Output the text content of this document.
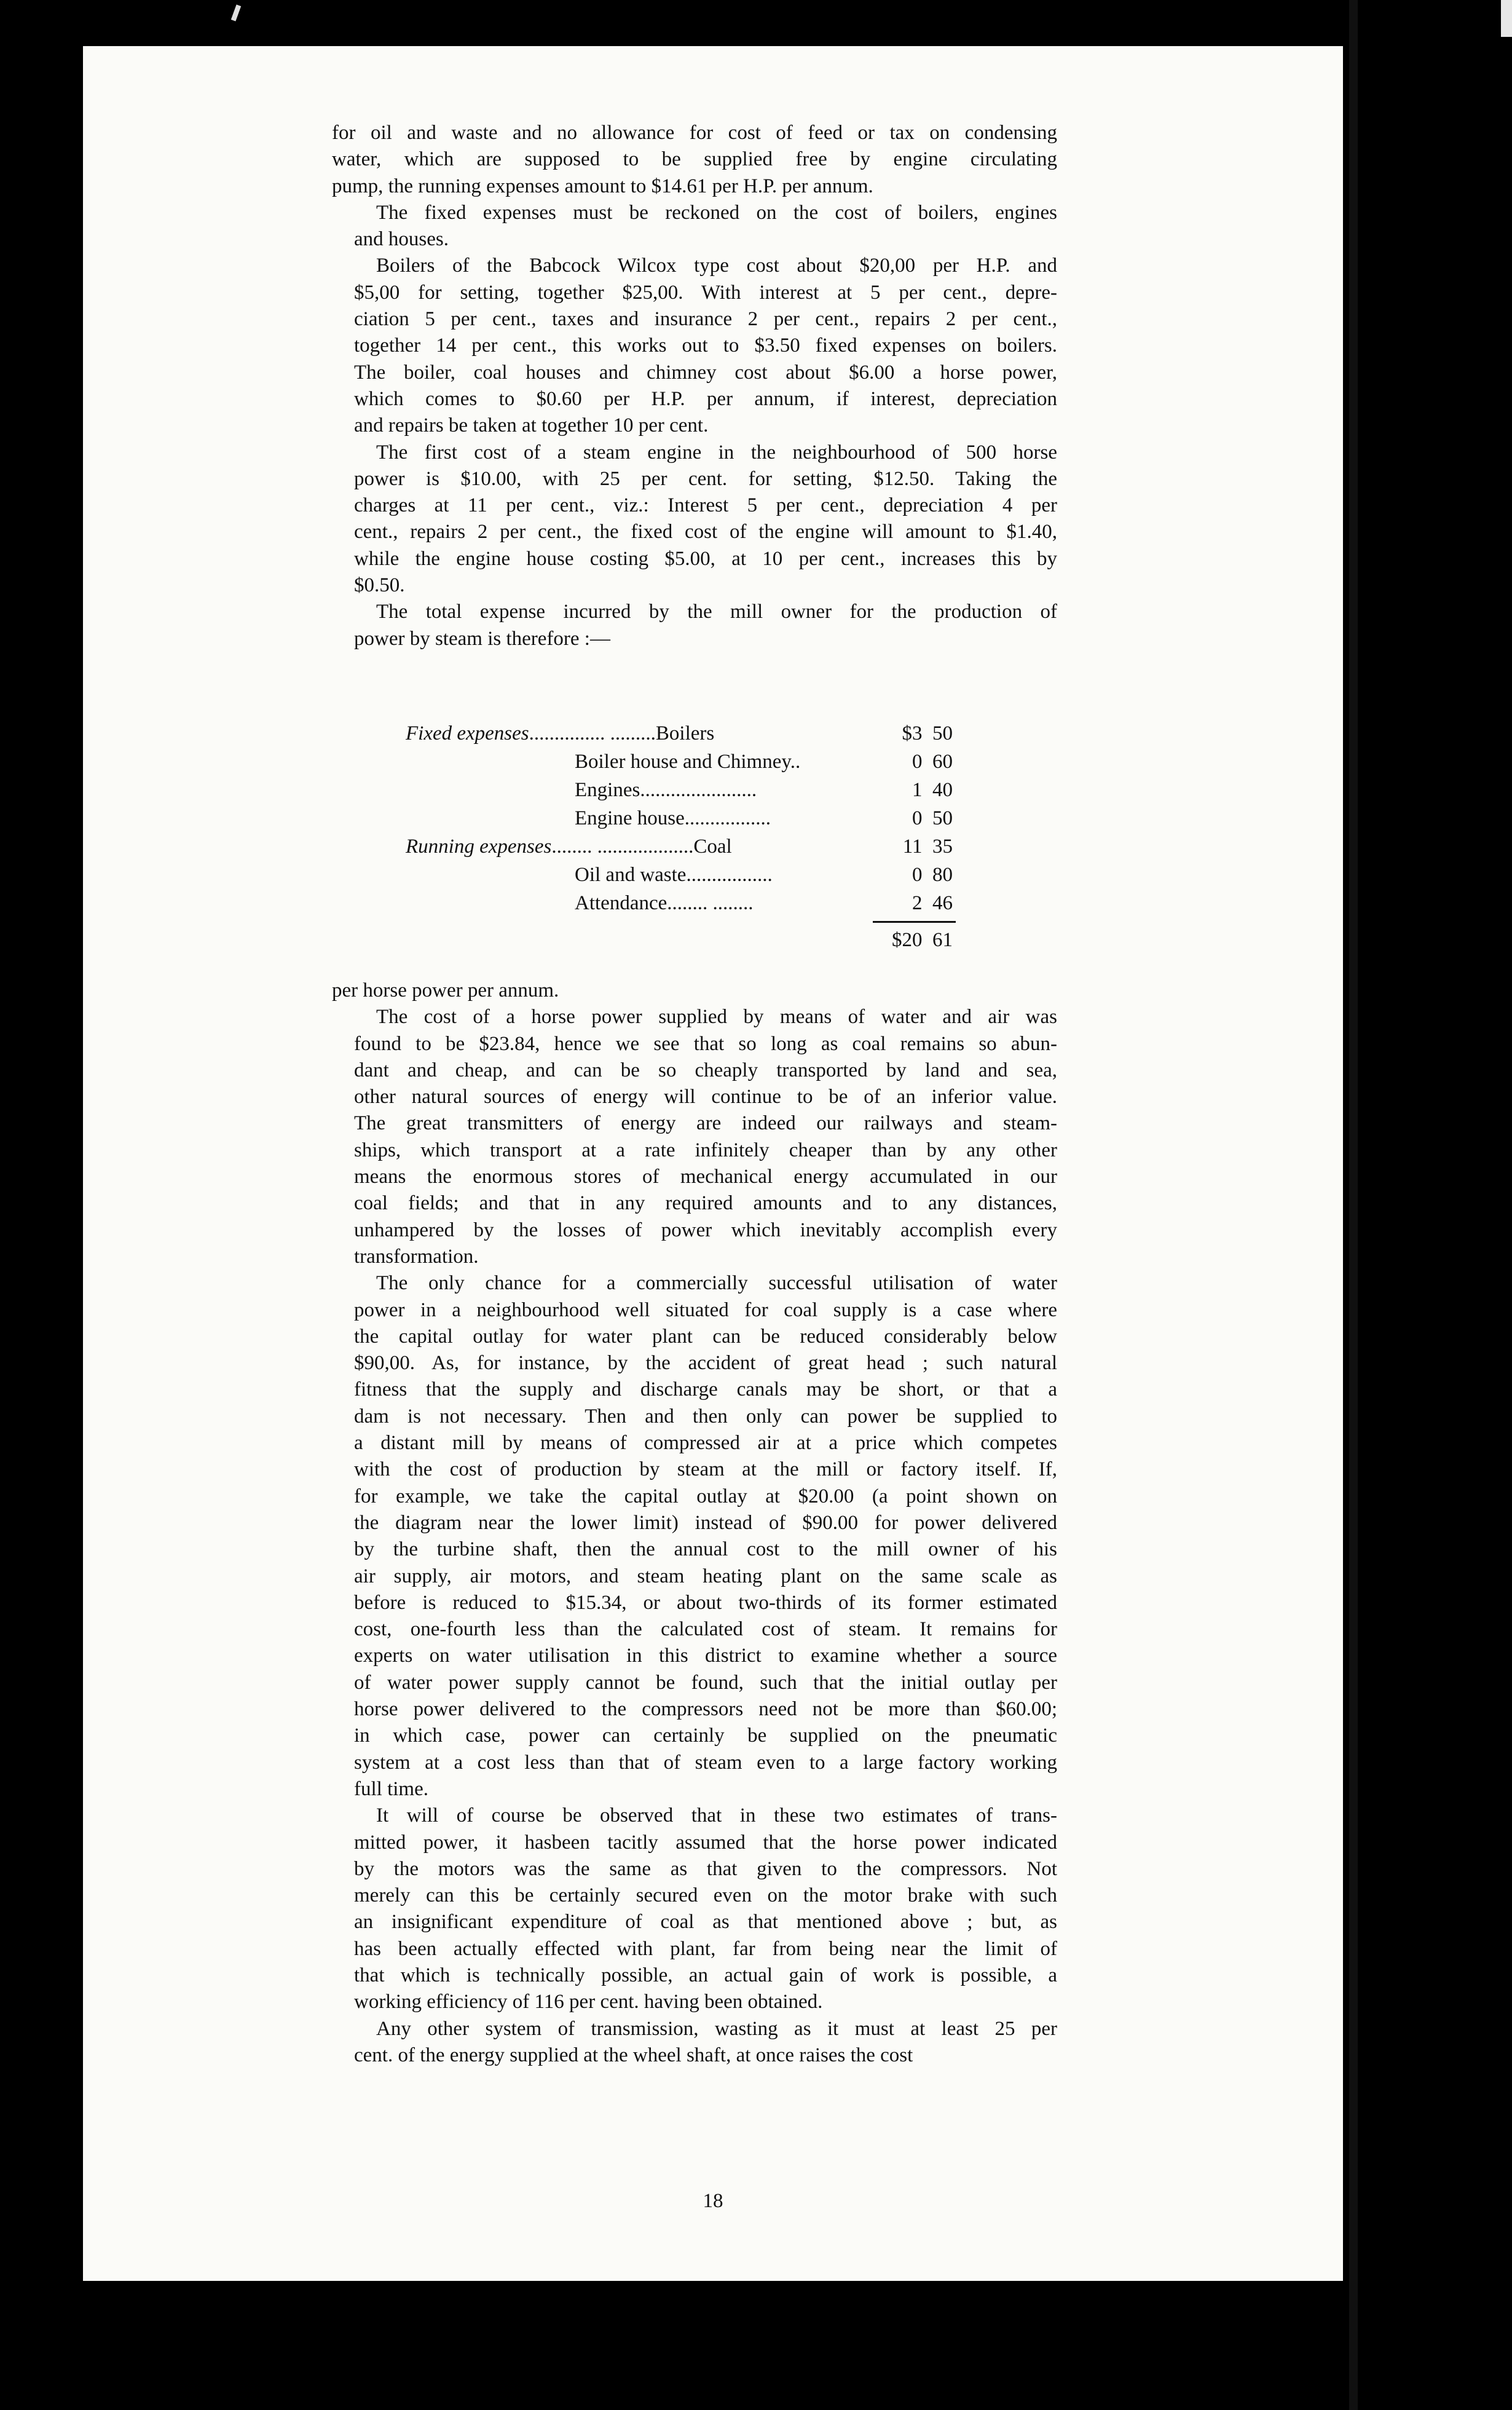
for oil and waste and no allowance for cost of feed or tax on condensing
water, which are supposed to be supplied free by engine circulating
pump, the running expenses amount to $14.61 per H.P. per annum.
The fixed expenses must be reckoned on the cost of boilers, engines
and houses.
Boilers of the Babcock Wilcox type cost about $20,00 per H.P. and
$5,00 for setting, together $25,00. With interest at 5 per cent., depre-
ciation 5 per cent., taxes and insurance 2 per cent., repairs 2 per cent.,
together 14 per cent., this works out to $3.50 fixed expenses on boilers.
The boiler, coal houses and chimney cost about $6.00 a horse power,
which comes to $0.60 per H.P. per annum, if interest, depreciation
and repairs be taken at together 10 per cent.
The first cost of a steam engine in the neighbourhood of 500 horse
power is $10.00, with 25 per cent. for setting, $12.50. Taking the
charges at 11 per cent., viz.: Interest 5 per cent., depreciation 4 per
cent., repairs 2 per cent., the fixed cost of the engine will amount to $1.40,
while the engine house costing $5.00, at 10 per cent., increases this by
$0.50.
The total expense incurred by the mill owner for the production of
power by steam is therefore :—
Fixed expenses............... .........Boilers	$3  50
Boiler house and Chimney..	0  60
Engines.......................	1  40
Engine house.................	0  50
Running expenses........ ...................Coal	11  35
Oil and waste.................	0  80
Attendance........ ........	2  46
$20  61
per horse power per annum.
The cost of a horse power supplied by means of water and air was
found to be $23.84, hence we see that so long as coal remains so abun-
dant and cheap, and can be so cheaply transported by land and sea,
other natural sources of energy will continue to be of an inferior value.
The great transmitters of energy are indeed our railways and steam-
ships, which transport at a rate infinitely cheaper than by any other
means the enormous stores of mechanical energy accumulated in our
coal fields; and that in any required amounts and to any distances,
unhampered by the losses of power which inevitably accomplish every
transformation.
The only chance for a commercially successful utilisation of water
power in a neighbourhood well situated for coal supply is a case where
the capital outlay for water plant can be reduced considerably below
$90,00. As, for instance, by the accident of great head ; such natural
fitness that the supply and discharge canals may be short, or that a
dam is not necessary. Then and then only can power be supplied to
a distant mill by means of compressed air at a price which competes
with the cost of production by steam at the mill or factory itself. If,
for example, we take the capital outlay at $20.00 (a point shown on
the diagram near the lower limit) instead of $90.00 for power delivered
by the turbine shaft, then the annual cost to the mill owner of his
air supply, air motors, and steam heating plant on the same scale as
before is reduced to $15.34, or about two-thirds of its former estimated
cost, one-fourth less than the calculated cost of steam. It remains for
experts on water utilisation in this district to examine whether a source
of water power supply cannot be found, such that the initial outlay per
horse power delivered to the compressors need not be more than $60.00;
in which case, power can certainly be supplied on the pneumatic
system at a cost less than that of steam even to a large factory working
full time.
It will of course be observed that in these two estimates of trans-
mitted power, it hasbeen tacitly assumed that the horse power indicated
by the motors was the same as that given to the compressors. Not
merely can this be certainly secured even on the motor brake with such
an insignificant expenditure of coal as that mentioned above ; but, as
has been actually effected with plant, far from being near the limit of
that which is technically possible, an actual gain of work is possible, a
working efficiency of 116 per cent. having been obtained.
Any other system of transmission, wasting as it must at least 25 per
cent. of the energy supplied at the wheel shaft, at once raises the cost
18
